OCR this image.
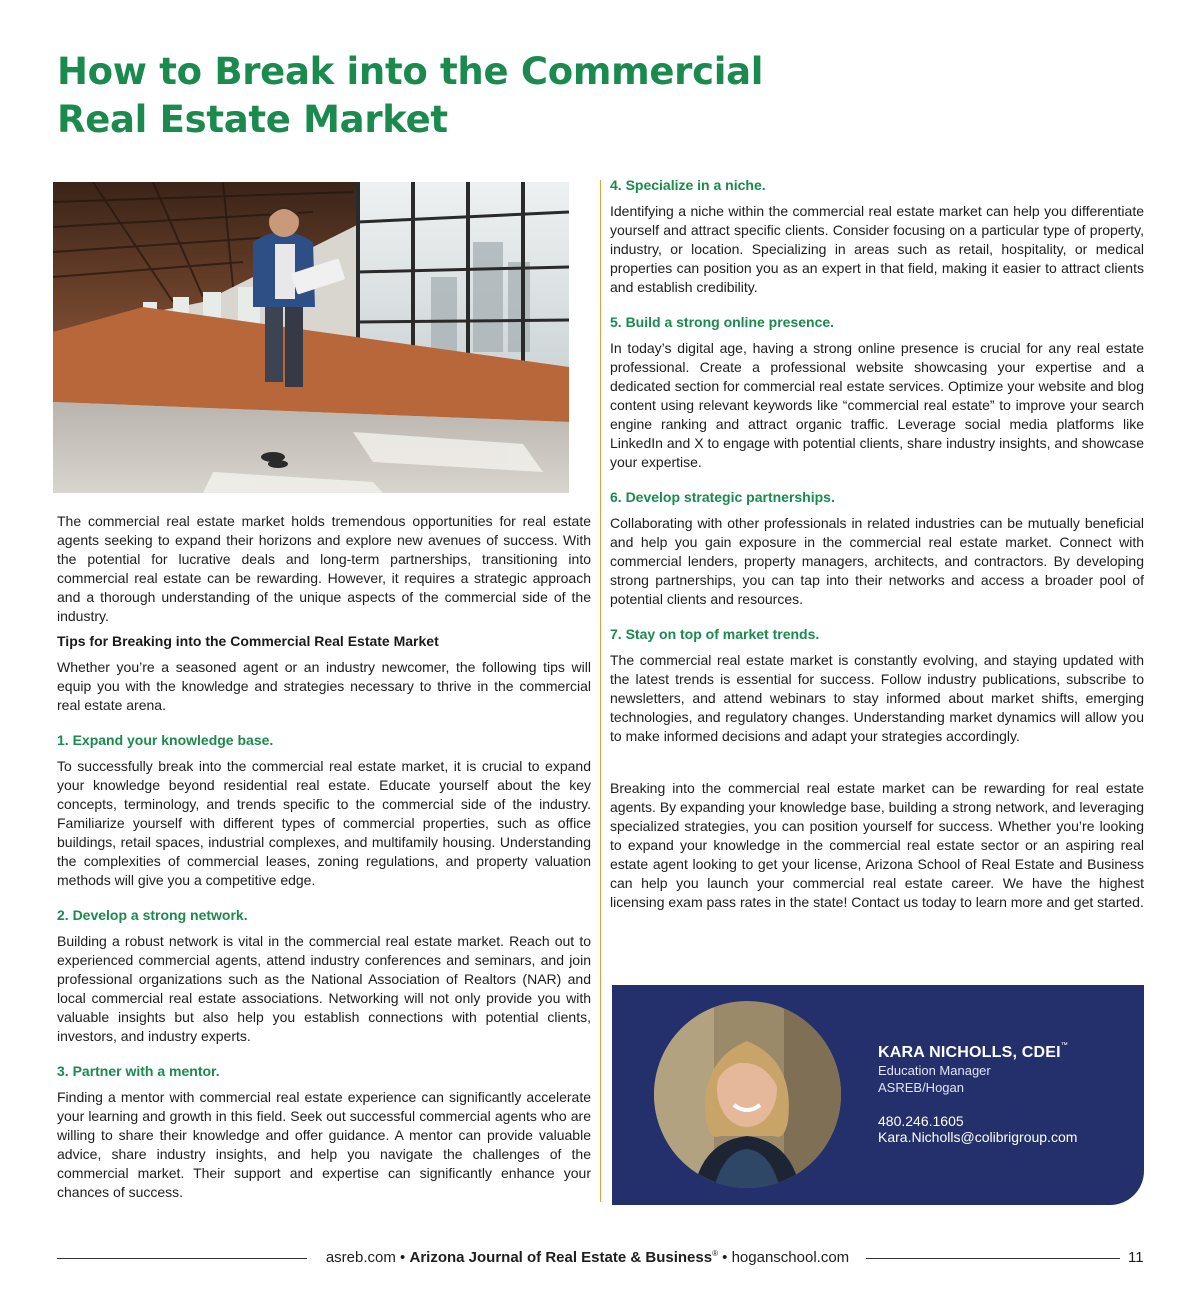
How to Break into the Commercial
Real Estate Market

The commercial real estate market holds tremendous opportunities for real estate agents seeking to expand their horizons and explore new avenues of success. With the potential for lucrative deals and long-term partnerships, transitioning into commercial real estate can be rewarding. However, it requires a strategic approach and a thorough understanding of the unique aspects of the commercial side of the industry.

Tips for Breaking into the Commercial Real Estate Market

Whether you’re a seasoned agent or an industry newcomer, the following tips will equip you with the knowledge and strategies necessary to thrive in the commercial real estate arena.

1. Expand your knowledge base.

To successfully break into the commercial real estate market, it is crucial to expand your knowledge beyond residential real estate. Educate yourself about the key concepts, terminology, and trends specific to the commercial side of the industry. Familiarize yourself with different types of commercial properties, such as office buildings, retail spaces, industrial complexes, and multifamily housing. Understanding the complexities of commercial leases, zoning regulations, and property valuation methods will give you a competitive edge.

2. Develop a strong network.

Building a robust network is vital in the commercial real estate market. Reach out to experienced commercial agents, attend industry conferences and seminars, and join professional organizations such as the National Association of Realtors (NAR) and local commercial real estate associations. Networking will not only provide you with valuable insights but also help you establish connections with potential clients, investors, and industry experts.

3. Partner with a mentor.

Finding a mentor with commercial real estate experience can significantly accelerate your learning and growth in this field. Seek out successful commercial agents who are willing to share their knowledge and offer guidance. A mentor can provide valuable advice, share industry insights, and help you navigate the challenges of the commercial market. Their support and expertise can significantly enhance your chances of success.

4. Specialize in a niche.

Identifying a niche within the commercial real estate market can help you differentiate yourself and attract specific clients. Consider focusing on a particular type of property, industry, or location. Specializing in areas such as retail, hospitality, or medical properties can position you as an expert in that field, making it easier to attract clients and establish credibility.

5. Build a strong online presence.

In today’s digital age, having a strong online presence is crucial for any real estate professional. Create a professional website showcasing your expertise and a dedicated section for commercial real estate services. Optimize your website and blog content using relevant keywords like “commercial real estate” to improve your search engine ranking and attract organic traffic. Leverage social media platforms like LinkedIn and X to engage with potential clients, share industry insights, and showcase your expertise.

6. Develop strategic partnerships.

Collaborating with other professionals in related industries can be mutually beneficial and help you gain exposure in the commercial real estate market. Connect with commercial lenders, property managers, architects, and contractors. By developing strong partnerships, you can tap into their networks and access a broader pool of potential clients and resources.

7. Stay on top of market trends.

The commercial real estate market is constantly evolving, and staying updated with the latest trends is essential for success. Follow industry publications, subscribe to newsletters, and attend webinars to stay informed about market shifts, emerging technologies, and regulatory changes. Understanding market dynamics will allow you to make informed decisions and adapt your strategies accordingly.

Breaking into the commercial real estate market can be rewarding for real estate agents. By expanding your knowledge base, building a strong network, and leveraging specialized strategies, you can position yourself for success. Whether you’re looking to expand your knowledge in the commercial real estate sector or an aspiring real estate agent looking to get your license, Arizona School of Real Estate and Business can help you launch your commercial real estate career. We have the highest licensing exam pass rates in the state! Contact us today to learn more and get started.

KARA NICHOLLS, CDEI™

Education Manager

ASREB/Hogan

480.246.1605

Kara.Nicholls@colibrigroup.com

asreb.com • Arizona Journal of Real Estate & Business® • hoganschool.com	11
